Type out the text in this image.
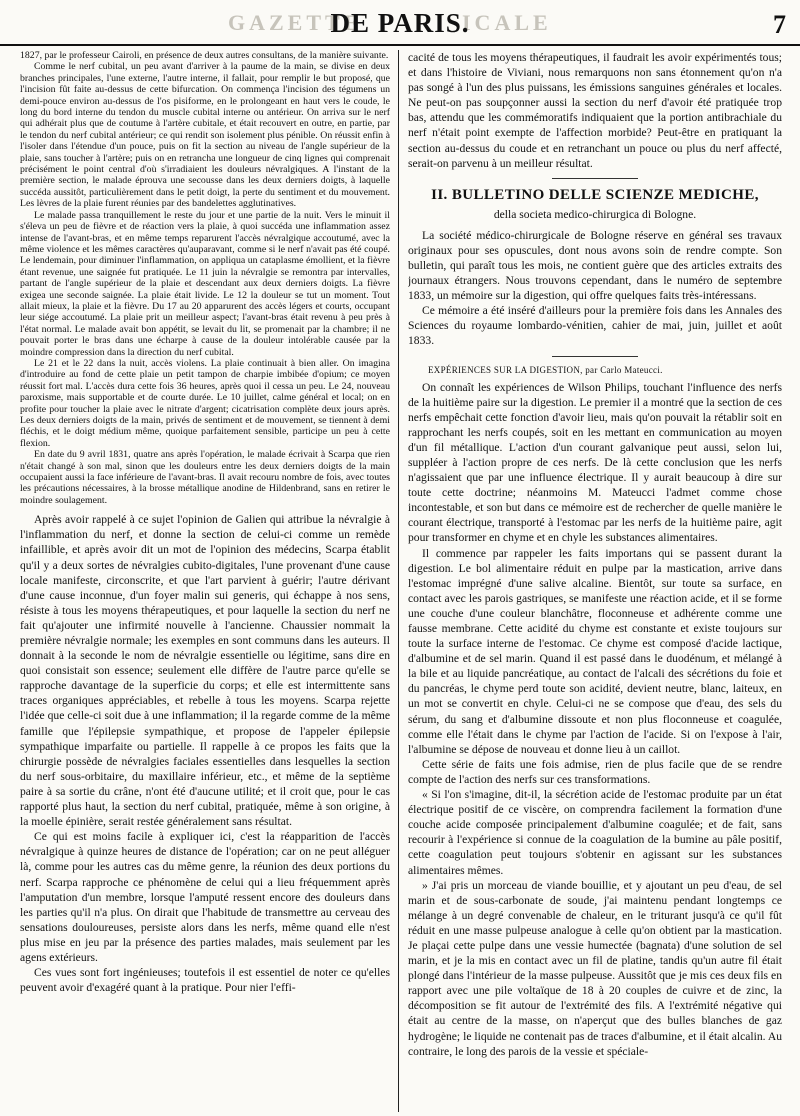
GAZETTE	ICALE
DE PARIS.	7

1827, par le professeur Cairoli, en présence de deux autres consultans, de la manière suivante.

Comme le nerf cubital, un peu avant d'arriver à la paume de la main, se divise en deux branches principales, l'une externe, l'autre interne, il fallait, pour remplir le but proposé, que l'incision fût faite au-dessus de cette bifurcation. On commença l'incision des tégumens un demi-pouce environ au-dessus de l'os pisiforme, en le prolongeant en haut vers le coude, le long du bord interne du tendon du muscle cubital interne ou antérieur. On arriva sur le nerf qui adhérait plus que de coutume à l'artère cubitale, et était recouvert en outre, en partie, par le tendon du nerf cubital antérieur; ce qui rendit son isolement plus pénible. On réussit enfin à l'isoler dans l'étendue d'un pouce, puis on fit la section au niveau de l'angle supérieur de la plaie, sans toucher à l'artère; puis on en retrancha une longueur de cinq lignes qui comprenait précisément le point central d'où s'irradiaient les douleurs névralgiques. A l'instant de la première section, le malade éprouva une secousse dans les deux derniers doigts, à laquelle succéda aussitôt, particulièrement dans le petit doigt, la perte du sentiment et du mouvement. Les lèvres de la plaie furent réunies par des bandelettes agglutinatives.

Le malade passa tranquillement le reste du jour et une partie de la nuit. Vers le minuit il s'éleva un peu de fièvre et de réaction vers la plaie, à quoi succéda une inflammation assez intense de l'avant-bras, et en même temps reparurent l'accès névralgique accoutumé, avec la même violence et les mêmes caractères qu'auparavant, comme si le nerf n'avait pas été coupé. Le lendemain, pour diminuer l'inflammation, on appliqua un cataplasme émollient, et la fièvre étant revenue, une saignée fut pratiquée. Le 11 juin la névralgie se remontra par intervalles, partant de l'angle supérieur de la plaie et descendant aux deux derniers doigts. La fièvre exigea une seconde saignée. La plaie était livide. Le 12 la douleur se tut un moment. Tout allait mieux, la plaie et la fièvre. Du 17 au 20 apparurent des accès légers et courts, occupant leur siége accoutumé. La plaie prit un meilleur aspect; l'avant-bras était revenu à peu près à l'état normal. Le malade avait bon appétit, se levait du lit, se promenait par la chambre; il ne pouvait porter le bras dans une écharpe à cause de la douleur intolérable causée par la moindre compression dans la direction du nerf cubital.

Le 21 et le 22 dans la nuit, accès violens. La plaie continuait à bien aller. On imagina d'introduire au fond de cette plaie un petit tampon de charpie imbibée d'opium; ce moyen réussit fort mal. L'accès dura cette fois 36 heures, après quoi il cessa un peu. Le 24, nouveau paroxisme, mais supportable et de courte durée. Le 10 juillet, calme général et local; on en profite pour toucher la plaie avec le nitrate d'argent; cicatrisation complète deux jours après. Les deux derniers doigts de la main, privés de sentiment et de mouvement, se tiennent à demi fléchis, et le doigt médium même, quoique parfaitement sensible, participe un peu à cette flexion.

En date du 9 avril 1831, quatre ans après l'opération, le malade écrivait à Scarpa que rien n'était changé à son mal, sinon que les douleurs entre les deux derniers doigts de la main occupaient aussi la face inférieure de l'avant-bras. Il avait recouru nombre de fois, avec toutes les précautions nécessaires, à la brosse métallique anodine de Hildenbrand, sans en retirer le moindre soulagement.

Après avoir rappelé à ce sujet l'opinion de Galien qui attribue la névralgie à l'inflammation du nerf, et donne la section de celui-ci comme un remède infaillible, et après avoir dit un mot de l'opinion des médecins, Scarpa établit qu'il y a deux sortes de névralgies cubito-digitales, l'une provenant d'une cause locale manifeste, circonscrite, et que l'art parvient à guérir; l'autre dérivant d'une cause inconnue, d'un foyer malin sui generis, qui échappe à nos sens, résiste à tous les moyens thérapeutiques, et pour laquelle la section du nerf ne fait qu'ajouter une infirmité nouvelle à l'ancienne. Chaussier nommait la première névralgie normale; les exemples en sont communs dans les auteurs. Il donnait à la seconde le nom de névralgie essentielle ou légitime, sans dire en quoi consistait son essence; seulement elle diffère de l'autre parce qu'elle se rapproche davantage de la superficie du corps; et elle est intermittente sans traces organiques appréciables, et rebelle à tous les moyens. Scarpa rejette l'idée que celle-ci soit due à une inflammation; il la regarde comme de la même famille que l'épilepsie sympathique, et propose de l'appeler épilepsie sympathique imparfaite ou partielle. Il rappelle à ce propos les faits que la chirurgie possède de névralgies faciales essentielles dans lesquelles la section du nerf sous-orbitaire, du maxillaire inférieur, etc., et même de la septième paire à sa sortie du crâne, n'ont été d'aucune utilité; et il croit que, pour le cas rapporté plus haut, la section du nerf cubital, pratiquée, même à son origine, à la moelle épinière, serait restée généralement sans résultat.

Ce qui est moins facile à expliquer ici, c'est la réapparition de l'accès névralgique à quinze heures de distance de l'opération; car on ne peut alléguer là, comme pour les autres cas du même genre, la réunion des deux portions du nerf. Scarpa rapproche ce phénomène de celui qui a lieu fréquemment après l'amputation d'un membre, lorsque l'amputé ressent encore des douleurs dans les parties qu'il n'a plus. On dirait que l'habitude de transmettre au cerveau des sensations douloureuses, persiste alors dans les nerfs, même quand elle n'est plus mise en jeu par la présence des parties malades, mais seulement par les agens extérieurs.

Ces vues sont fort ingénieuses; toutefois il est essentiel de noter ce qu'elles peuvent avoir d'exagéré quant à la pratique. Pour nier l'effi-

cacité de tous les moyens thérapeutiques, il faudrait les avoir expérimentés tous; et dans l'histoire de Viviani, nous remarquons non sans étonnement qu'on n'a pas songé à l'un des plus puissans, les émissions sanguines générales et locales. Ne peut-on pas soupçonner aussi la section du nerf d'avoir été pratiquée trop bas, attendu que les commémoratifs indiquaient que la portion antibrachiale du nerf n'était point exempte de l'affection morbide? Peut-être en pratiquant la section au-dessus du coude et en retranchant un pouce ou plus du nerf affecté, serait-on parvenu à un meilleur résultat.

II. BULLETINO DELLE SCIENZE MEDICHE,
della societa medico-chirurgica di Bologne.

La société médico-chirurgicale de Bologne réserve en général ses travaux originaux pour ses opuscules, dont nous avons soin de rendre compte. Son bulletin, qui paraît tous les mois, ne contient guère que des articles extraits des journaux étrangers. Nous trouvons cependant, dans le numéro de septembre 1833, un mémoire sur la digestion, qui offre quelques faits très-intéressans.

Ce mémoire a été inséré d'ailleurs pour la première fois dans les Annales des Sciences du royaume lombardo-vénitien, cahier de mai, juin, juillet et août 1833.

EXPÉRIENCES SUR LA DIGESTION, par Carlo Mateucci.

On connaît les expériences de Wilson Philips, touchant l'influence des nerfs de la huitième paire sur la digestion. Le premier il a montré que la section de ces nerfs empêchait cette fonction d'avoir lieu, mais qu'on pouvait la rétablir soit en rapprochant les nerfs coupés, soit en les mettant en communication au moyen d'un fil métallique. L'action d'un courant galvanique peut aussi, selon lui, suppléer à l'action propre de ces nerfs. De là cette conclusion que les nerfs n'agissaient que par une influence électrique. Il y aurait beaucoup à dire sur toute cette doctrine; néanmoins M. Mateucci l'admet comme chose incontestable, et son but dans ce mémoire est de rechercher de quelle manière le courant électrique, transporté à l'estomac par les nerfs de la huitième paire, agit pour transformer en chyme et en chyle les substances alimentaires.

Il commence par rappeler les faits importans qui se passent durant la digestion. Le bol alimentaire réduit en pulpe par la mastication, arrive dans l'estomac imprégné d'une salive alcaline. Bientôt, sur toute sa surface, en contact avec les parois gastriques, se manifeste une réaction acide, et il se forme une couche d'une couleur blanchâtre, floconneuse et adhérente comme une fausse membrane. Cette acidité du chyme est constante et existe toujours sur toute la surface interne de l'estomac. Ce chyme est composé d'acide lactique, d'albumine et de sel marin. Quand il est passé dans le duodénum, et mélangé à la bile et au liquide pancréatique, au contact de l'alcali des sécrétions du foie et du pancréas, le chyme perd toute son acidité, devient neutre, blanc, laiteux, en un mot se convertit en chyle. Celui-ci ne se compose que d'eau, des sels du sérum, du sang et d'albumine dissoute et non plus floconneuse et coagulée, comme elle l'était dans le chyme par l'action de l'acide. Si on l'expose à l'air, l'albumine se dépose de nouveau et donne lieu à un caillot.

Cette série de faits une fois admise, rien de plus facile que de se rendre compte de l'action des nerfs sur ces transformations.

« Si l'on s'imagine, dit-il, la sécrétion acide de l'estomac produite par un état électrique positif de ce viscère, on comprendra facilement la formation d'une couche acide composée principalement d'albumine coagulée; et de fait, sans recourir à l'expérience si connue de la coagulation de la bumine au pâle positif, cette coagulation peut toujours s'obtenir en agissant sur les substances alimentaires mêmes.

» J'ai pris un morceau de viande bouillie, et y ajoutant un peu d'eau, de sel marin et de sous-carbonate de soude, j'ai maintenu pendant longtemps ce mélange à un degré convenable de chaleur, en le triturant jusqu'à ce qu'il fût réduit en une masse pulpeuse analogue à celle qu'on obtient par la mastication. Je plaçai cette pulpe dans une vessie humectée (bagnata) d'une solution de sel marin, et je la mis en contact avec un fil de platine, tandis qu'un autre fil était plongé dans l'intérieur de la masse pulpeuse. Aussitôt que je mis ces deux fils en rapport avec une pile voltaïque de 18 à 20 couples de cuivre et de zinc, la décomposition se fit autour de l'extrémité des fils. A l'extrémité négative qui était au centre de la masse, on n'aperçut que des bulles blanches de gaz hydrogène; le liquide ne contenait pas de traces d'albumine, et il était alcalin. Au contraire, le long des parois de la vessie et spéciale-
